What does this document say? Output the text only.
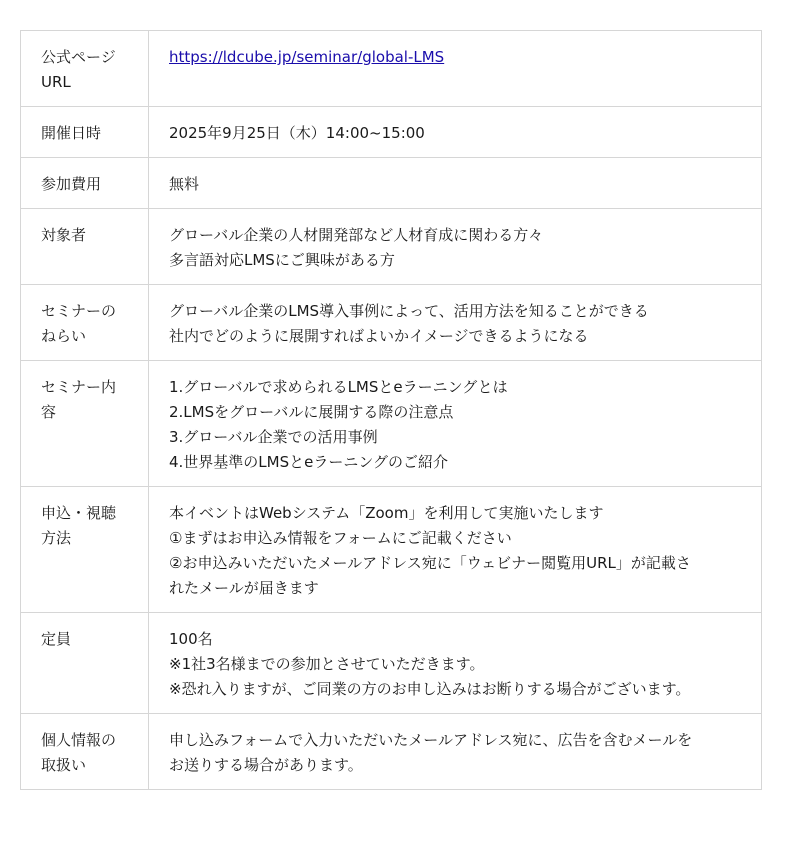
公式ページ
URL	https://ldcube.jp/seminar/global-LMS

開催日時	2025年9月25日（木）14:00~15:00

参加費用	無料

対象者	グローバル企業の人材開発部など人材育成に関わる方々
多言語対応LMSにご興味がある方

セミナーの
ねらい	グローバル企業のLMS導入事例によって、活用方法を知ることができる
社内でどのように展開すればよいかイメージできるようになる

セミナー内
容	1.グローバルで求められるLMSとeラーニングとは
2.LMSをグローバルに展開する際の注意点
3.グローバル企業での活用事例
4.世界基準のLMSとeラーニングのご紹介

申込・視聴
方法	本イベントはWebシステム「Zoom」を利用して実施いたします
①まずはお申込み情報をフォームにご記載ください
②お申込みいただいたメールアドレス宛に「ウェビナー閲覧用URL」が記載さ
れたメールが届きます

定員	100名
※1社3名様までの参加とさせていただきます。
※恐れ入りますが、ご同業の方のお申し込みはお断りする場合がございます。

個人情報の
取扱い	申し込みフォームで入力いただいたメールアドレス宛に、広告を含むメールを
お送りする場合があります。
